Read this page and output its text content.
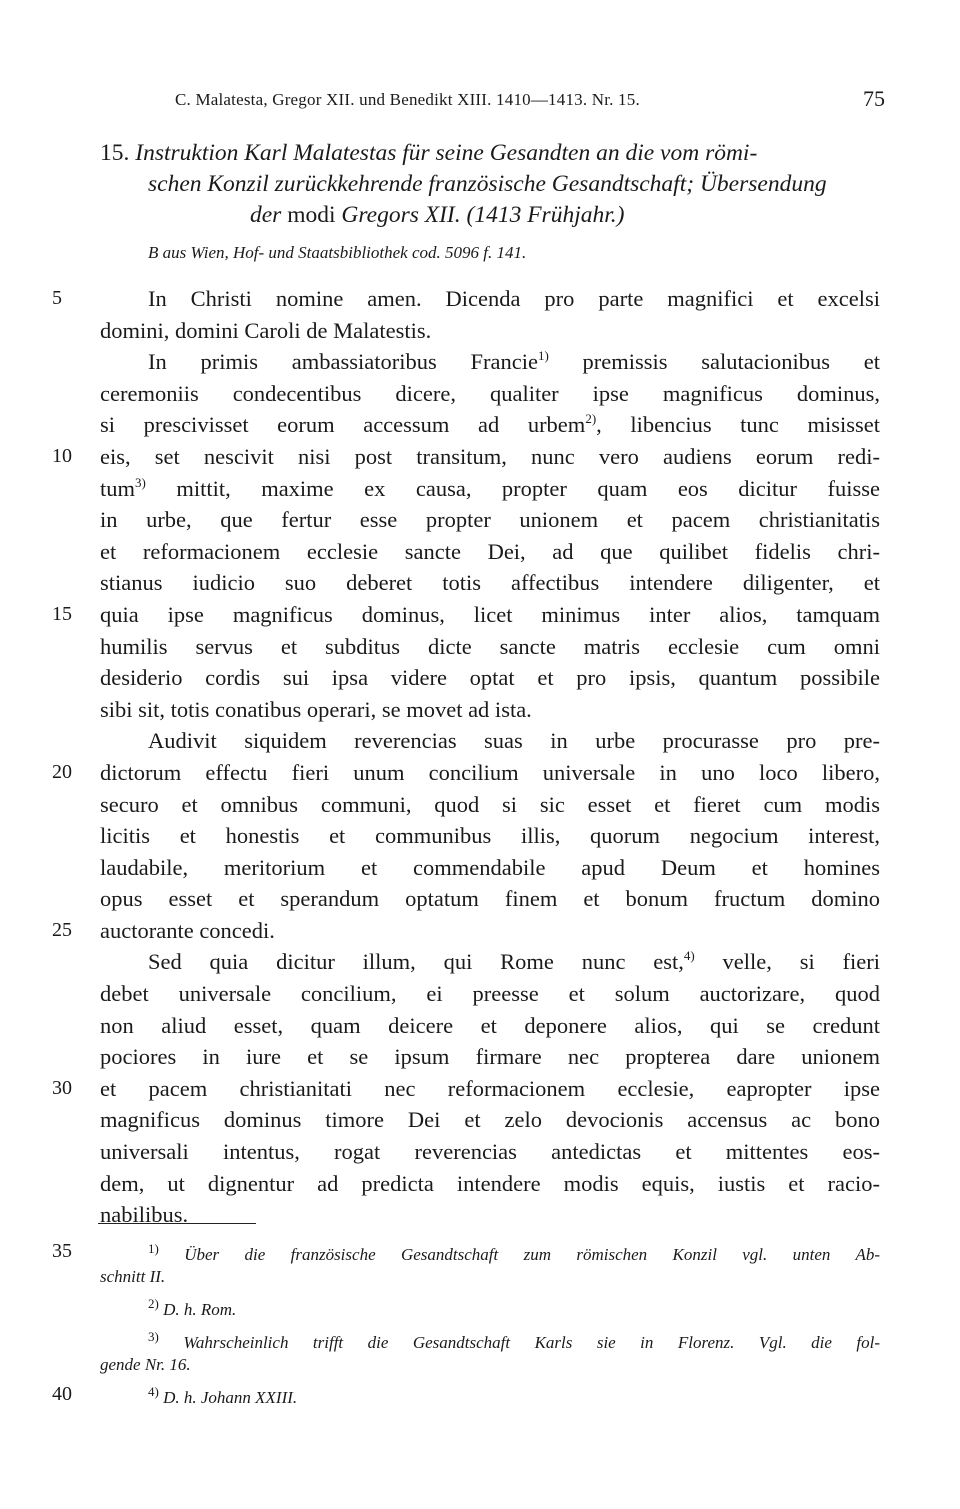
C. Malatesta, Gregor XII. und Benedikt XIII. 1410—1413. Nr. 15.	75
15. Instruktion Karl Malatestas für seine Gesandten an die vom römi-
schen Konzil zurückkehrende französische Gesandtschaft; Übersendung
der modi Gregors XII. (1413 Frühjahr.)
B aus Wien, Hof- und Staatsbibliothek cod. 5096 f. 141.
5	In Christi nomine amen. Dicenda pro parte magnifici et excelsi
domini, domini Caroli de Malatestis.
In primis ambassiatoribus Francie$^{1)}$ premissis salutacionibus et
ceremoniis condecentibus dicere, qualiter ipse magnificus dominus,
si prescivisset eorum accessum ad urbem$^{2)}$, libencius tunc misisset
10	eis, set nescivit nisi post transitum, nunc vero audiens eorum redi-
tum$^{3)}$ mittit, maxime ex causa, propter quam eos dicitur fuisse
in urbe, que fertur esse propter unionem et pacem christianitatis
et reformacionem ecclesie sancte Dei, ad que quilibet fidelis chri-
stianus iudicio suo deberet totis affectibus intendere diligenter, et
15	quia ipse magnificus dominus, licet minimus inter alios, tamquam
humilis servus et subditus dicte sancte matris ecclesie cum omni
desiderio cordis sui ipsa videre optat et pro ipsis, quantum possibile
sibi sit, totis conatibus operari, se movet ad ista.
Audivit siquidem reverencias suas in urbe procurasse pro pre-
20	dictorum effectu fieri unum concilium universale in uno loco libero,
securo et omnibus communi, quod si sic esset et fieret cum modis
licitis et honestis et communibus illis, quorum negocium interest,
laudabile, meritorium et commendabile apud Deum et homines
opus esset et sperandum optatum finem et bonum fructum domino
25	auctorante concedi.
Sed quia dicitur illum, qui Rome nunc est,$^{4)}$ velle, si fieri
debet universale concilium, ei preesse et solum auctorizare, quod
non aliud esset, quam deicere et deponere alios, qui se credunt
pociores in iure et se ipsum firmare nec propterea dare unionem
30	et pacem christianitati nec reformacionem ecclesie, eapropter ipse
magnificus dominus timore Dei et zelo devocionis accensus ac bono
universali intentus, rogat reverencias antedictas et mittentes eos-
dem, ut dignentur ad predicta intendere modis equis, iustis et racio-
nabilibus.
35	$^{1)}$ Über die französische Gesandtschaft zum römischen Konzil vgl. unten Ab-
schnitt II.
$^{2)}$ D. h. Rom.
$^{3)}$ Wahrscheinlich trifft die Gesandtschaft Karls sie in Florenz. Vgl. die fol-
gende Nr. 16.
40	$^{4)}$ D. h. Johann XXIII.
